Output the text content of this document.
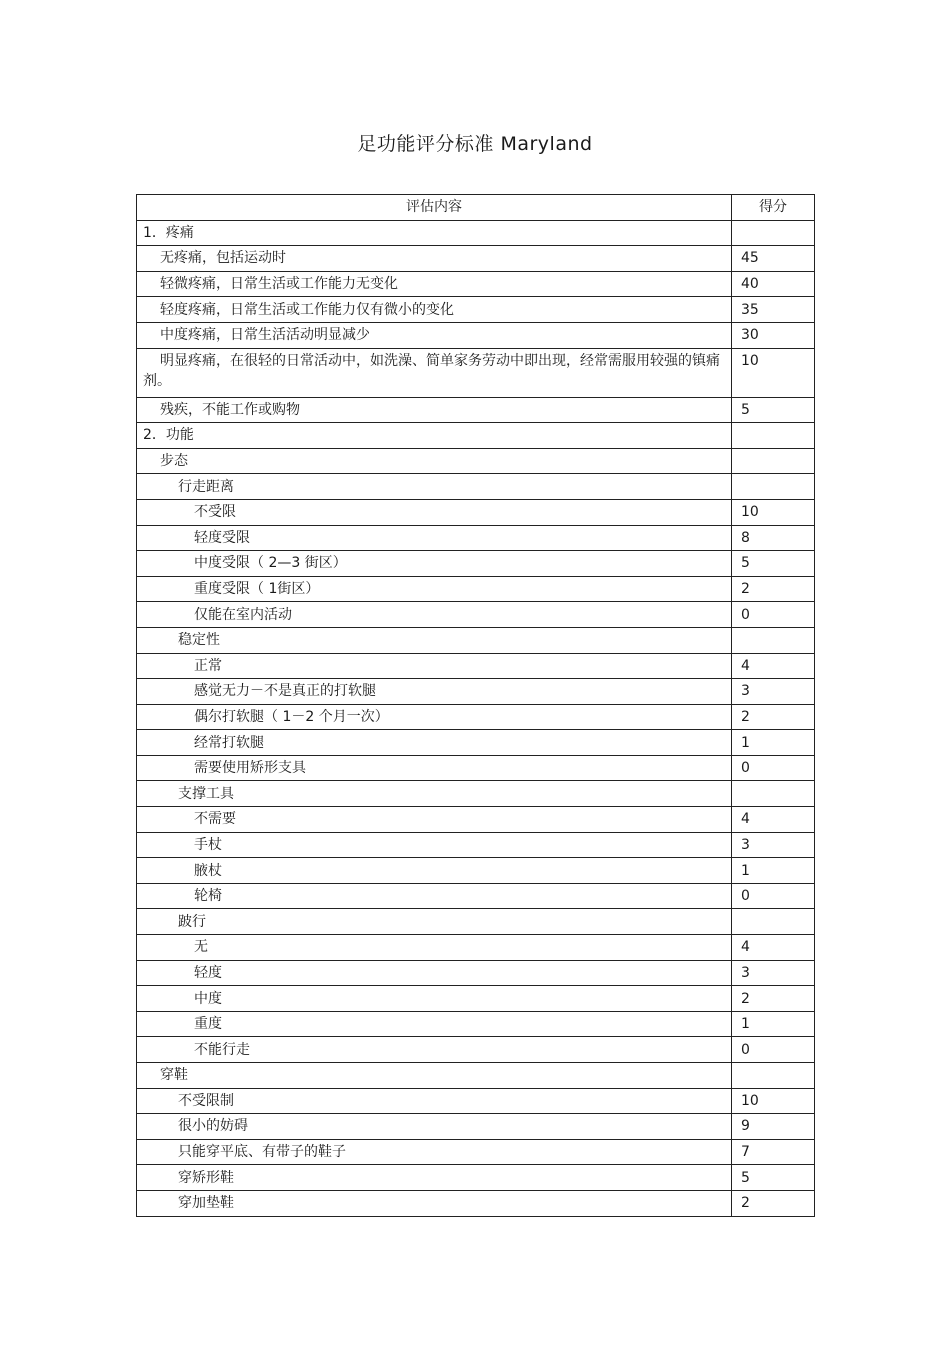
足功能评分标准 Maryland
评估内容	得分
1．疼痛	
无疼痛，包括运动时	45
轻微疼痛，日常生活或工作能力无变化	40
轻度疼痛，日常生活或工作能力仅有微小的变化	35
中度疼痛，日常生活活动明显减少	30
明显疼痛，在很轻的日常活动中，如洗澡、简单家务劳动中即出现，经常需服用较强的镇痛剂。	10
残疾，不能工作或购物	5
2．功能	
步态	
行走距离	
不受限	10
轻度受限	8
中度受限（ 2—3 街区）	5
重度受限（ 1街区）	2
仅能在室内活动	0
稳定性	
正常	4
感觉无力－不是真正的打软腿	3
偶尔打软腿（ 1－2 个月一次）	2
经常打软腿	1
需要使用矫形支具	0
支撑工具	
不需要	4
手杖	3
腋杖	1
轮椅	0
跛行	
无	4
轻度	3
中度	2
重度	1
不能行走	0
穿鞋	
不受限制	10
很小的妨碍	9
只能穿平底、有带子的鞋子	7
穿矫形鞋	5
穿加垫鞋	2
